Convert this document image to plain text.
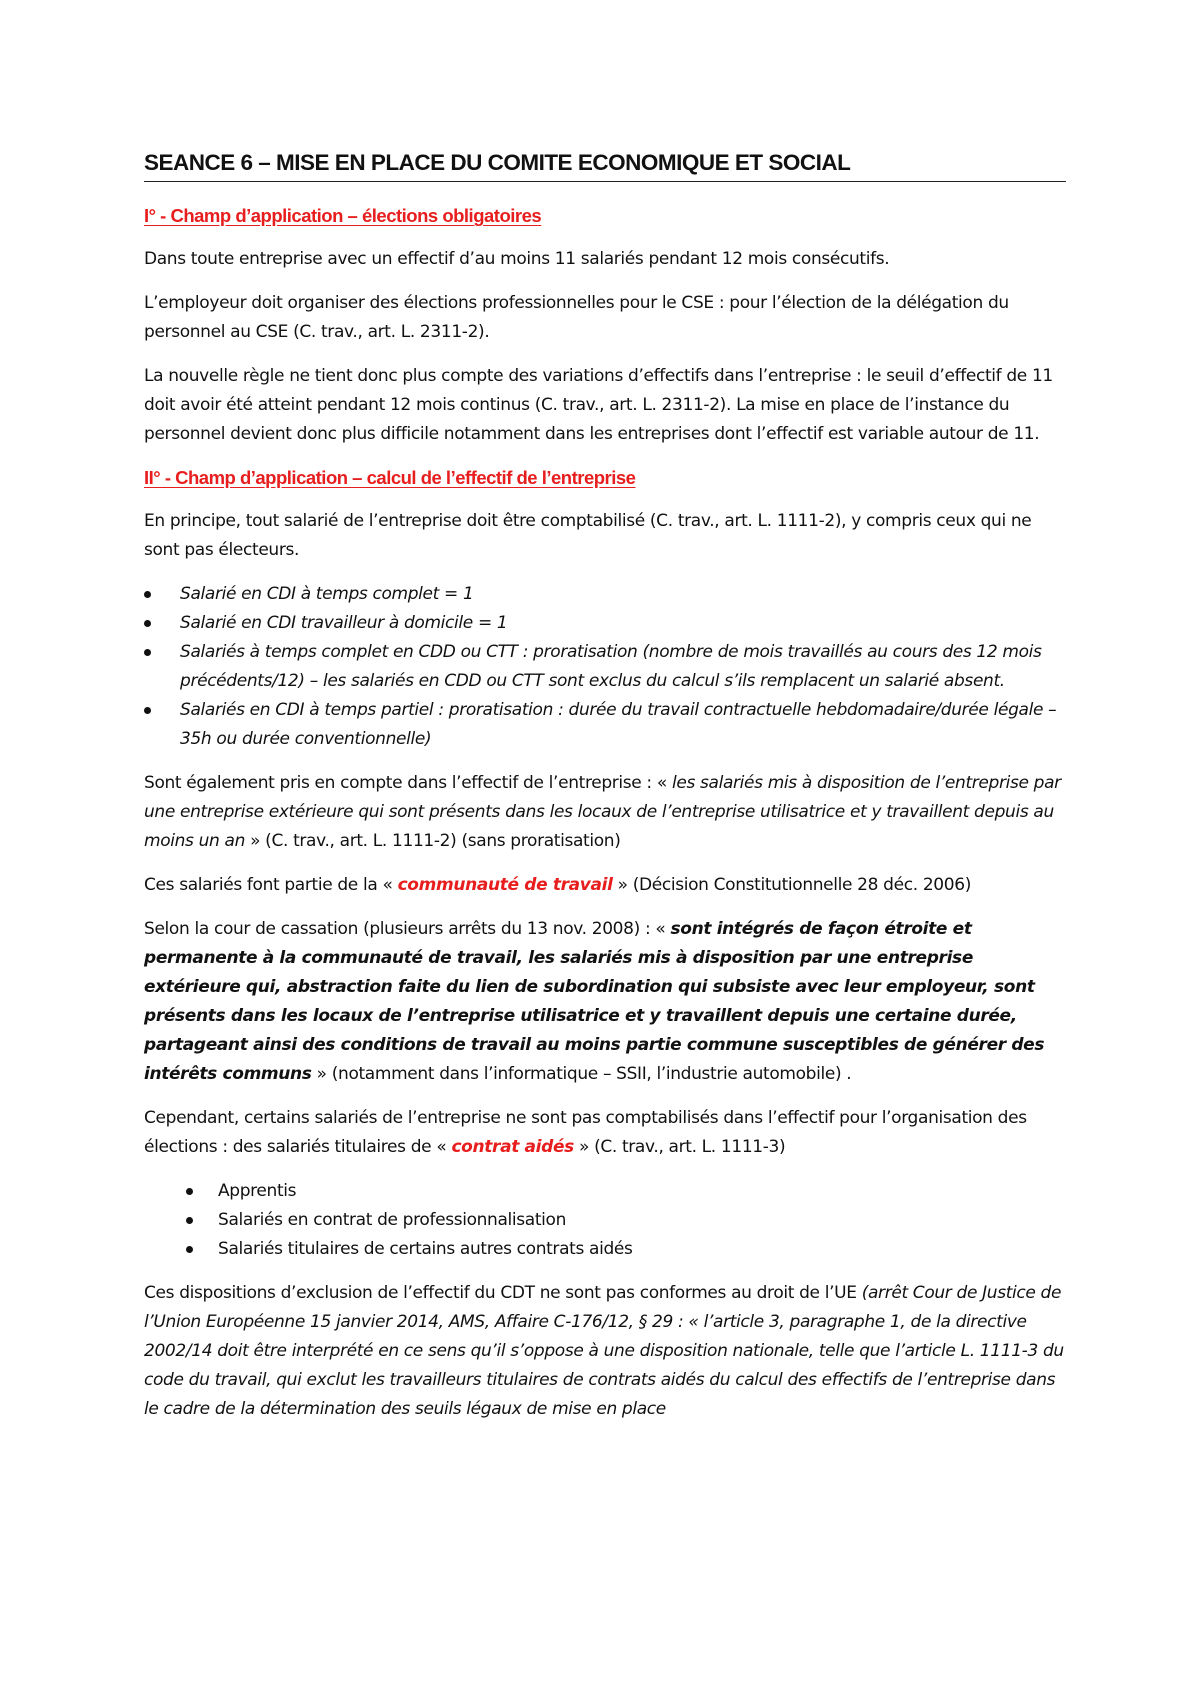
SEANCE 6 – MISE EN PLACE DU COMITE ECONOMIQUE ET SOCIAL
I° - Champ d’application – élections obligatoires

Dans toute entreprise avec un effectif d’au moins 11 salariés pendant 12 mois consécutifs.

L’employeur doit organiser des élections professionnelles pour le CSE : pour l’élection de la délégation du personnel au CSE (C. trav., art. L. 2311-2).

La nouvelle règle ne tient donc plus compte des variations d’effectifs dans l’entreprise : le seuil d’effectif de 11 doit avoir été atteint pendant 12 mois continus (C. trav., art. L. 2311-2). La mise en place de l’instance du personnel devient donc plus difficile notamment dans les entreprises dont l’effectif est variable autour de 11.

II° - Champ d’application – calcul de l’effectif de l’entreprise

En principe, tout salarié de l’entreprise doit être comptabilisé (C. trav., art. L. 1111-2), y compris ceux qui ne sont pas électeurs.

Salarié en CDI à temps complet = 1
Salarié en CDI travailleur à domicile = 1
Salariés à temps complet en CDD ou CTT : proratisation (nombre de mois travaillés au cours des 12 mois précédents/12) – les salariés en CDD ou CTT sont exclus du calcul s’ils remplacent un salarié absent.
Salariés en CDI à temps partiel : proratisation : durée du travail contractuelle hebdomadaire/durée légale – 35h ou durée conventionnelle)

Sont également pris en compte dans l’effectif de l’entreprise : « les salariés mis à disposition de l’entreprise par une entreprise extérieure qui sont présents dans les locaux de l’entreprise utilisatrice et y travaillent depuis au moins un an » (C. trav., art. L. 1111-2) (sans proratisation)

Ces salariés font partie de la « communauté de travail » (Décision Constitutionnelle 28 déc. 2006)

Selon la cour de cassation (plusieurs arrêts du 13 nov. 2008) : « sont intégrés de façon étroite et permanente à la communauté de travail, les salariés mis à disposition par une entreprise extérieure qui, abstraction faite du lien de subordination qui subsiste avec leur employeur, sont présents dans les locaux de l’entreprise utilisatrice et y travaillent depuis une certaine durée, partageant ainsi des conditions de travail au moins partie commune susceptibles de générer des intérêts communs » (notamment dans l’informatique – SSII, l’industrie automobile) .

Cependant, certains salariés de l’entreprise ne sont pas comptabilisés dans l’effectif pour l’organisation des élections : des salariés titulaires de « contrat aidés » (C. trav., art. L. 1111-3)

Apprentis
Salariés en contrat de professionnalisation
Salariés titulaires de certains autres contrats aidés

Ces dispositions d’exclusion de l’effectif du CDT ne sont pas conformes au droit de l’UE (arrêt Cour de Justice de l’Union Européenne 15 janvier 2014, AMS, Affaire C-176/12, § 29 : « l’article 3, paragraphe 1, de la directive 2002/14 doit être interprété en ce sens qu’il s’oppose à une disposition nationale, telle que l’article L. 1111-3 du code du travail, qui exclut les travailleurs titulaires de contrats aidés du calcul des effectifs de l’entreprise dans le cadre de la détermination des seuils légaux de mise en place
